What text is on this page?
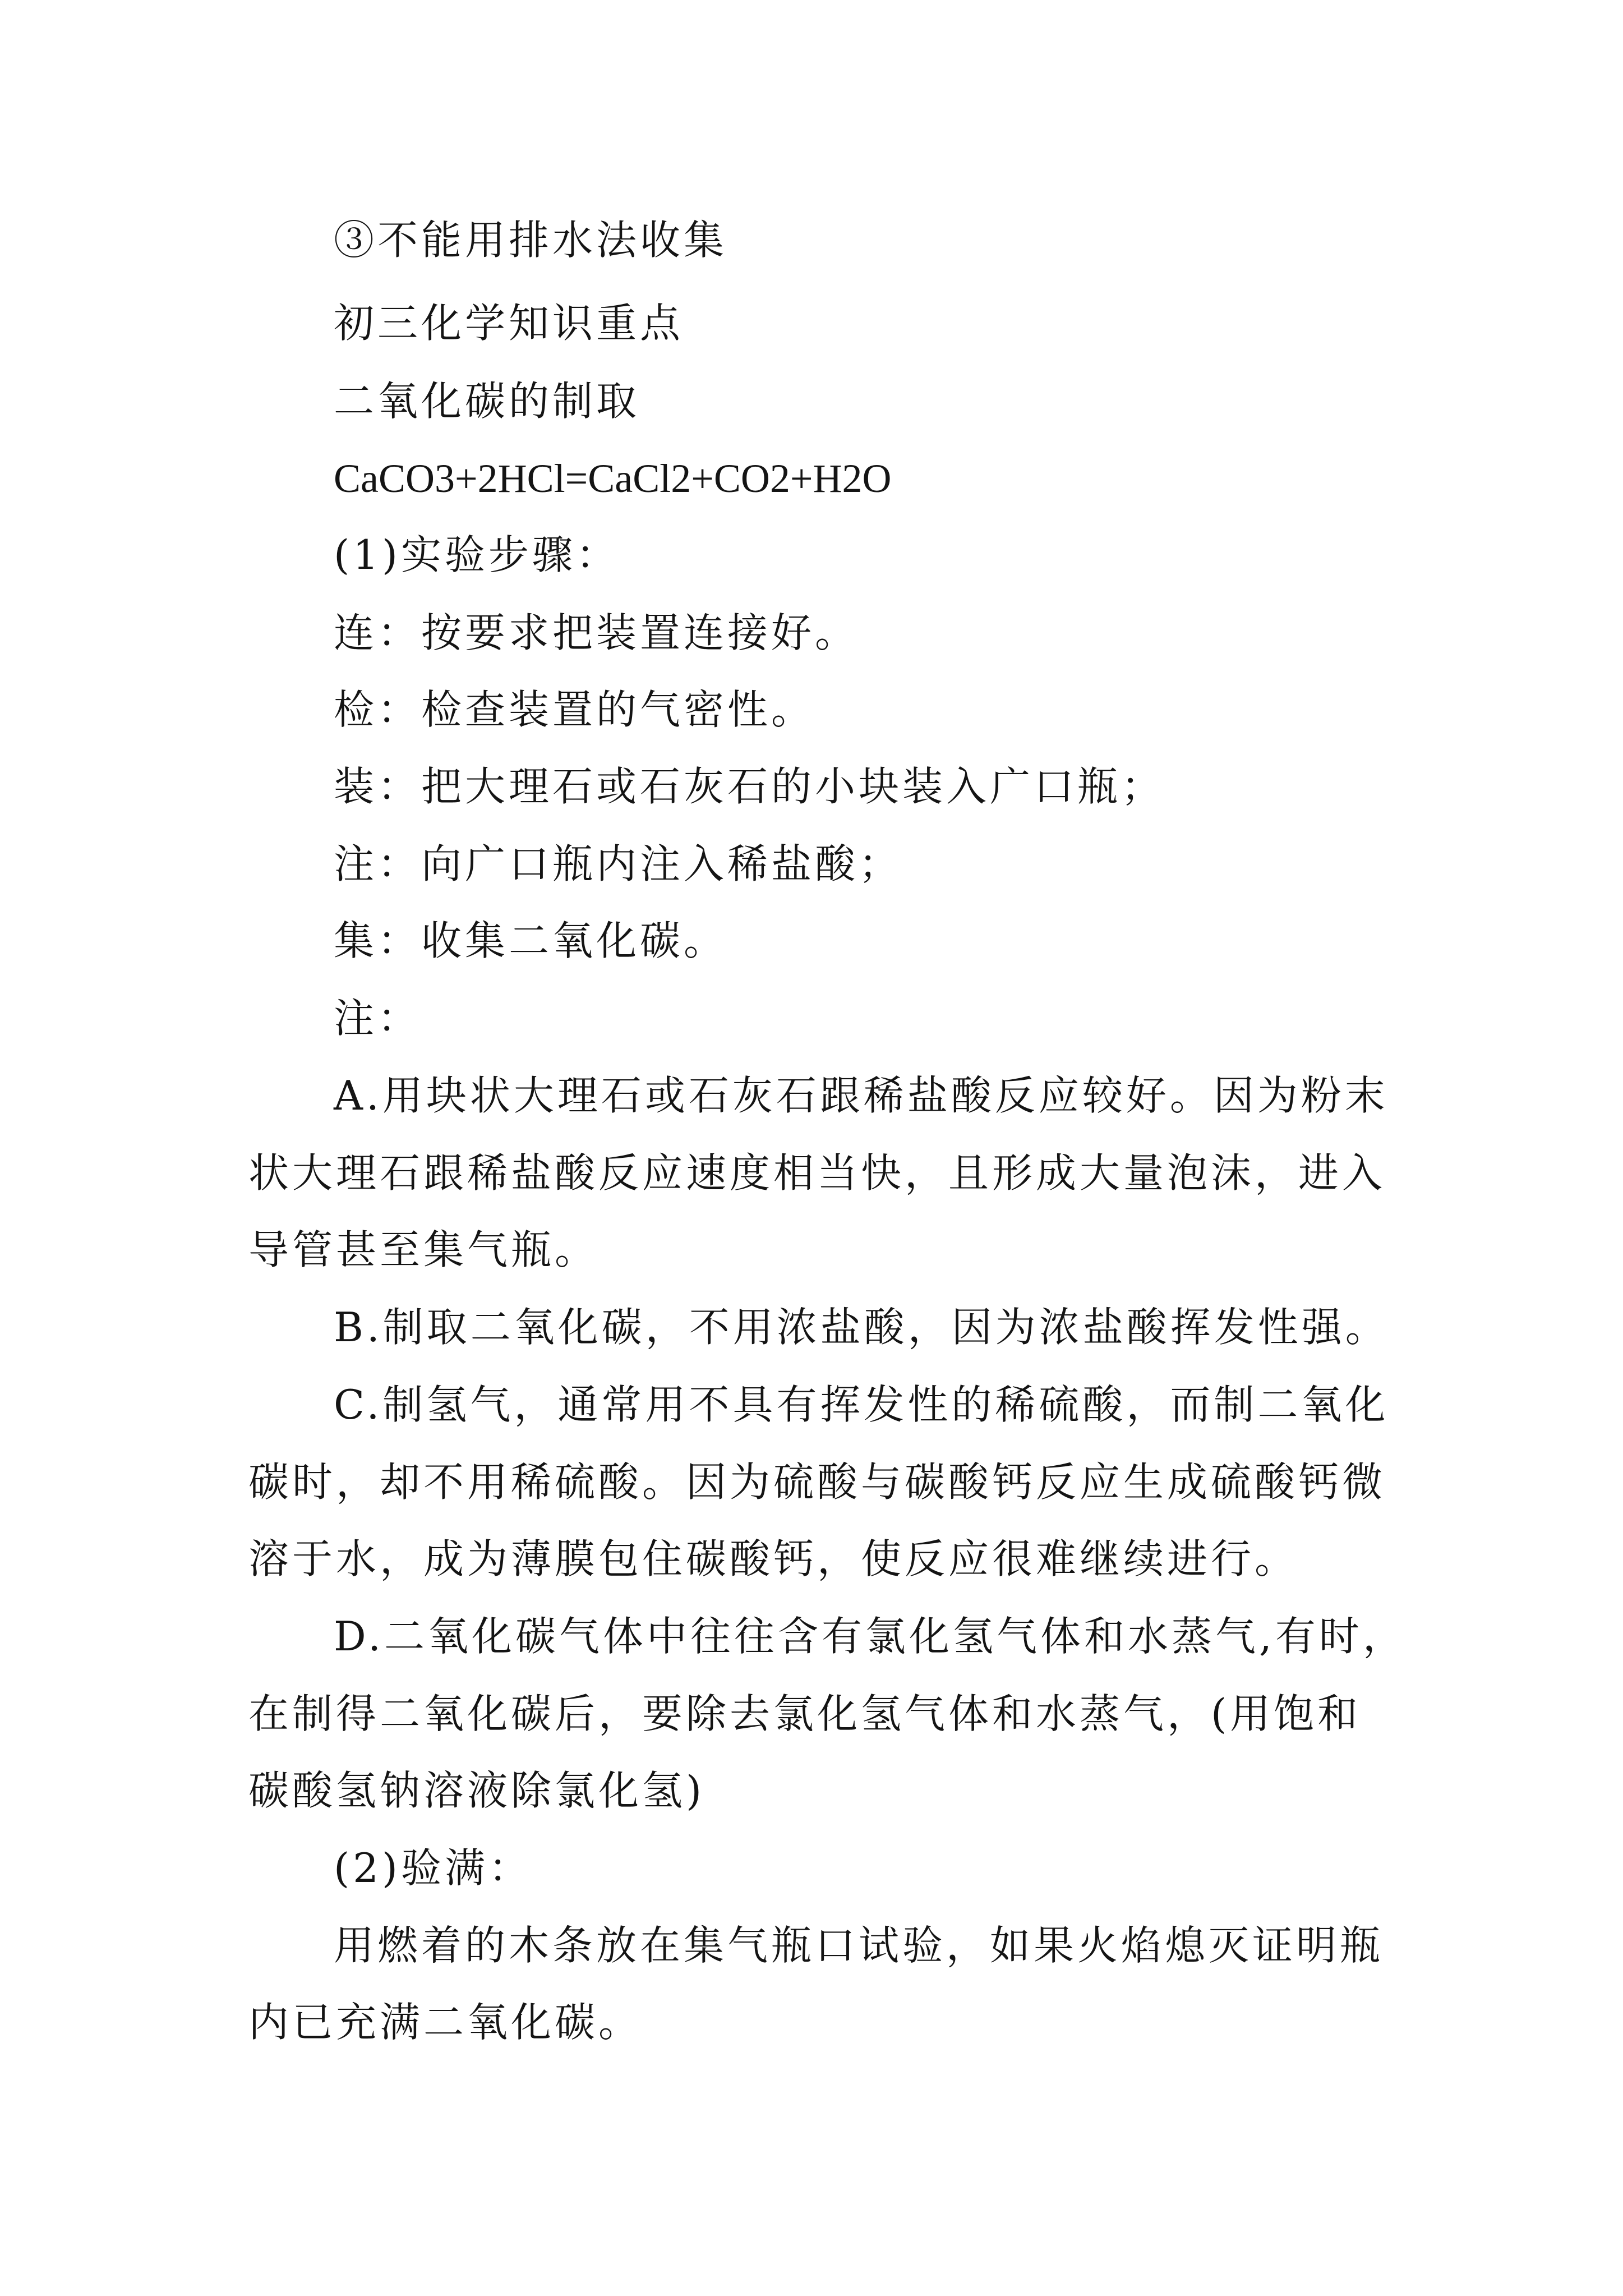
③不能用排水法收集
初三化学知识重点
二氧化碳的制取
CaCO3+2HCl=CaCl2+CO2+H2O
(1)实验步骤：
连：按要求把装置连接好。
检：检查装置的气密性。
装：把大理石或石灰石的小块装入广口瓶；
注：向广口瓶内注入稀盐酸；
集：收集二氧化碳。
注：
A.用块状大理石或石灰石跟稀盐酸反应较好。因为粉末
状大理石跟稀盐酸反应速度相当快，且形成大量泡沫，进入
导管甚至集气瓶。
B.制取二氧化碳，不用浓盐酸，因为浓盐酸挥发性强。
C.制氢气，通常用不具有挥发性的稀硫酸，而制二氧化
碳时，却不用稀硫酸。因为硫酸与碳酸钙反应生成硫酸钙微
溶于水，成为薄膜包住碳酸钙，使反应很难继续进行。
D.二氧化碳气体中往往含有氯化氢气体和水蒸气,有时，
在制得二氧化碳后，要除去氯化氢气体和水蒸气，(用饱和
碳酸氢钠溶液除氯化氢)
(2)验满：
用燃着的木条放在集气瓶口试验，如果火焰熄灭证明瓶
内已充满二氧化碳。
